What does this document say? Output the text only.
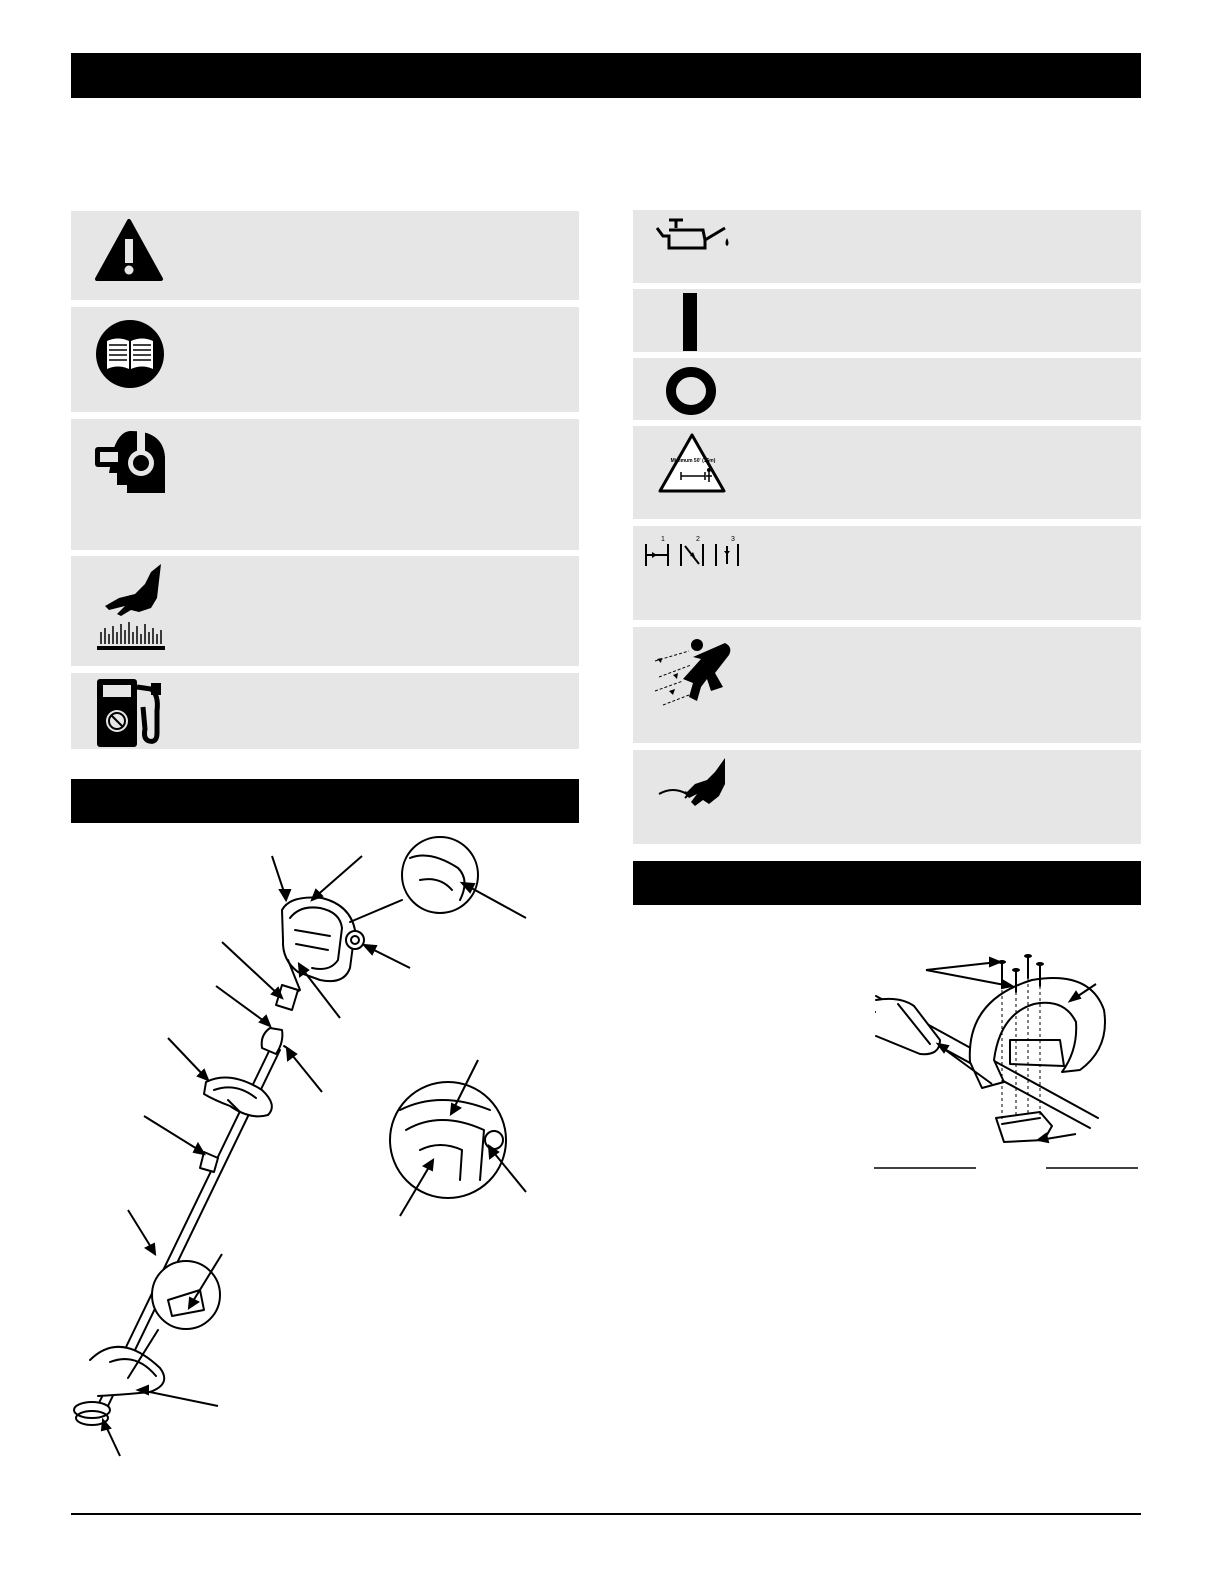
Minimum 50' (15m)
1	2	3
